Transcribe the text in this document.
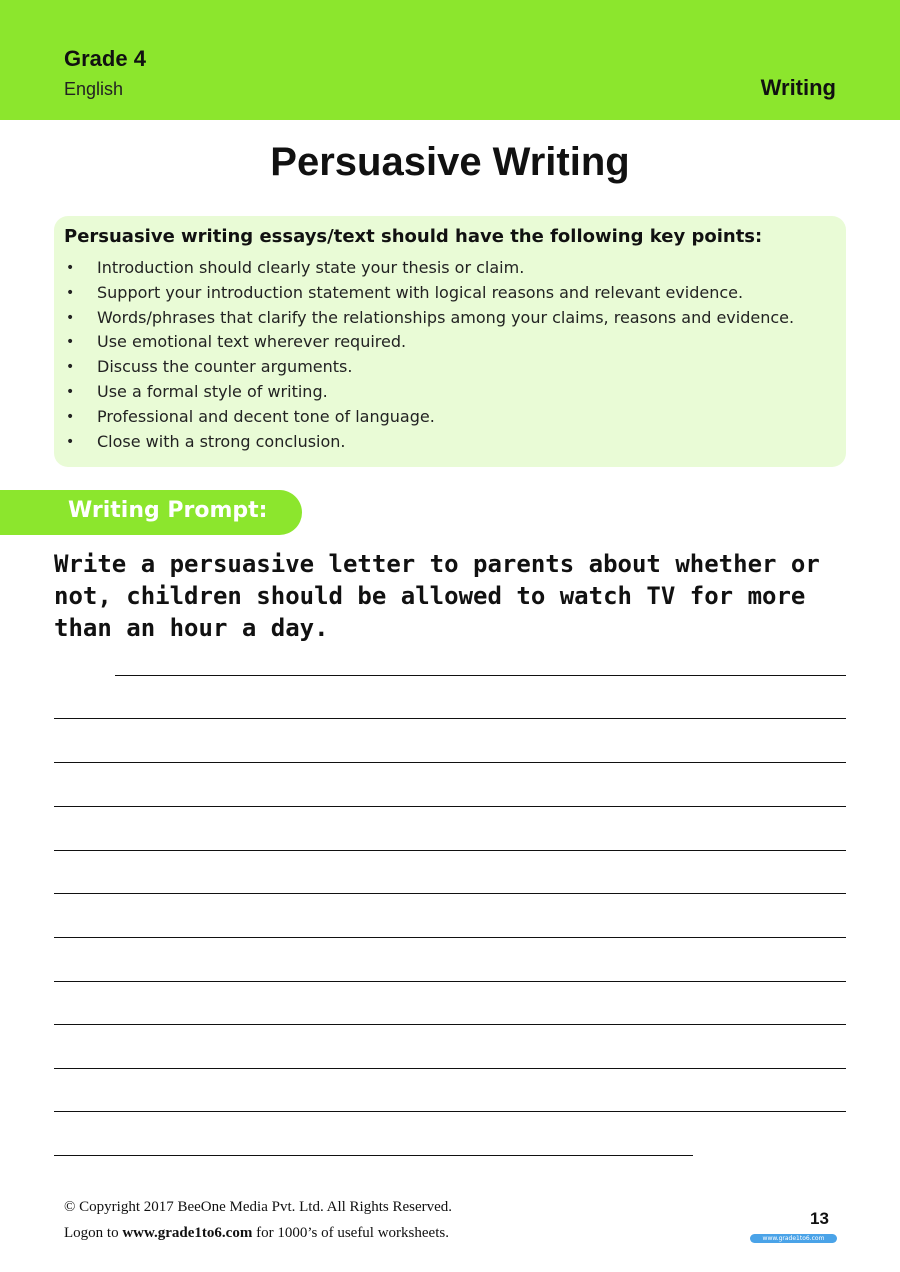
Grade 4
English	Writing
Persuasive Writing
Persuasive writing essays/text should have the following key points:
• Introduction should clearly state your thesis or claim.
• Support your introduction statement with logical reasons and relevant evidence.
• Words/phrases that clarify the relationships among your claims, reasons and evidence.
• Use emotional text wherever required.
• Discuss the counter arguments.
• Use a formal style of writing.
• Professional and decent tone of language.
• Close with a strong conclusion.
Writing Prompt:
Write a persuasive letter to parents about whether or not, children should be allowed to watch TV for more than an hour a day.
© Copyright 2017 BeeOne Media Pvt. Ltd. All Rights Reserved.
Logon to www.grade1to6.com for 1000’s of useful worksheets.
13
www.grade1to6.com
